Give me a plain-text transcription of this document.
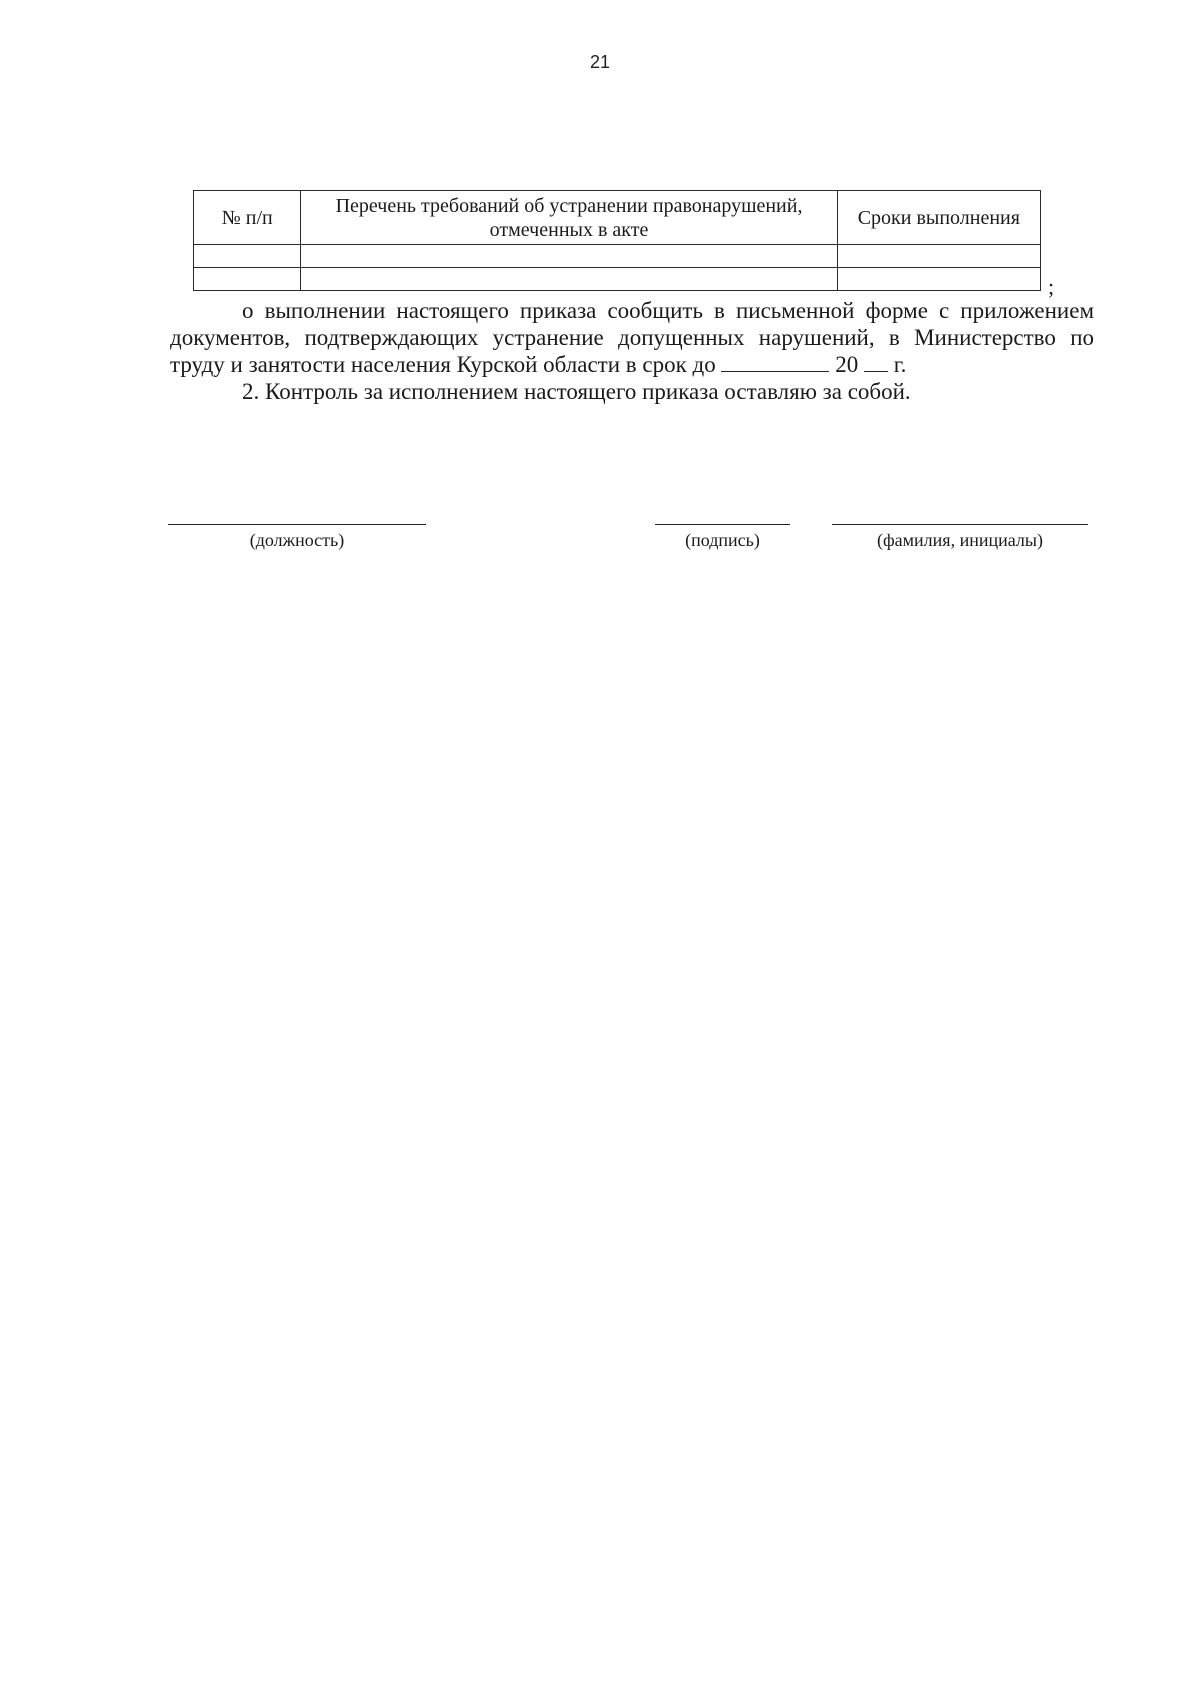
21
№ п/п	Перечень требований об устранении правонарушений, отмеченных в акте	Сроки выполнения

;

о выполнении настоящего приказа сообщить в письменной форме с приложением документов, подтверждающих устранение допущенных нарушений, в Министерство по труду и занятости населения Курской области в срок до	20 г.

2. Контроль за исполнением настоящего приказа оставляю за собой.

(должность)	(подпись)	(фамилия, инициалы)
